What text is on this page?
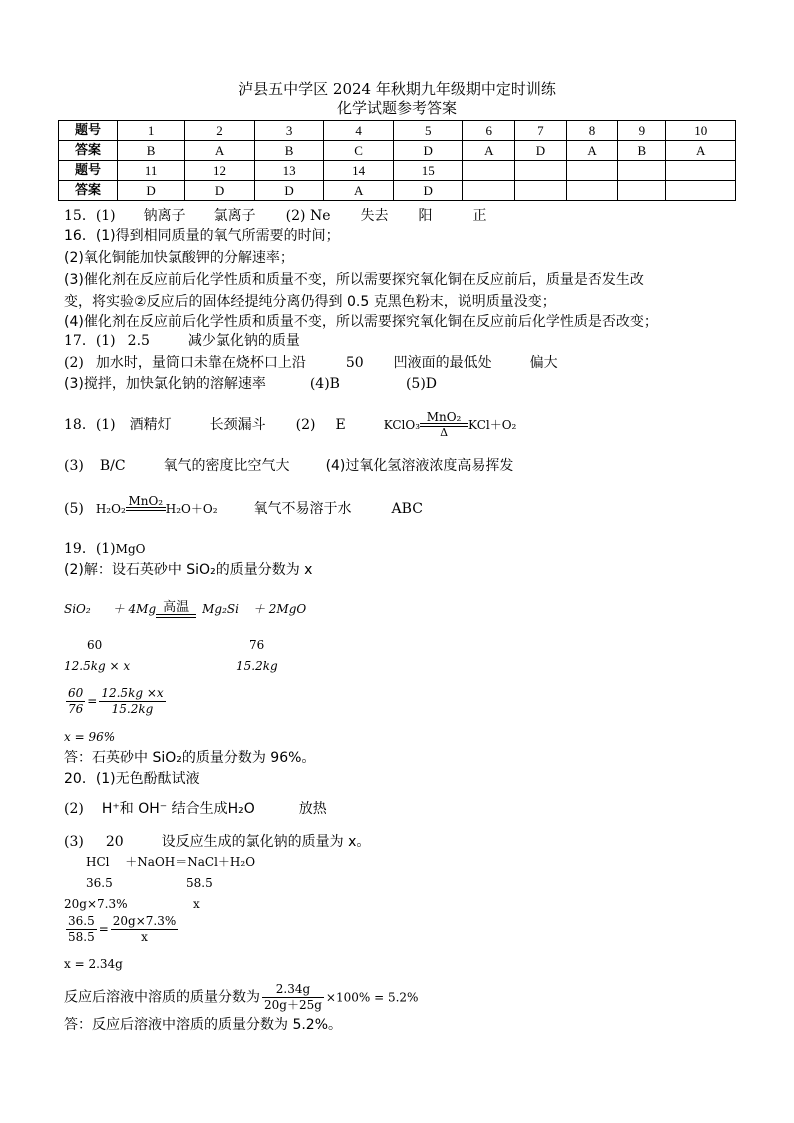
泸县五中学区 2024 年秋期九年级期中定时训练
化学试题参考答案
题号	1	2	3	4	5	6	7	8	9	10
答案	B	A	B	C	D	A	D	A	B	A
题号	11	12	13	14	15					
答案	D	D	D	A	D					
15．(1) 钠离子 氯离子 (2) Ne 失去 阳	正
16．(1)得到相同质量的氧气所需要的时间；
(2)氧化铜能加快氯酸钾的分解速率；
(3)催化剂在反应前后化学性质和质量不变，所以需要探究氧化铜在反应前后，质量是否发生改
变，将实验②反应后的固体经提纯分离仍得到 0.5 克黑色粉末，说明质量没变；
(4)催化剂在反应前后化学性质和质量不变，所以需要探究氧化铜在反应前后化学性质是否改变；
17．(1) 2.5	减少氯化钠的质量
(2) 加水时，量筒口未靠在烧杯口上沿	50 凹液面的最低处	偏大
(3)搅拌，加快氯化钠的溶解速率	(4)B	(5)D
18．(1) 酒精灯	长颈漏斗 (2) E	KClO₃
MnO₂
Δ
KCl＋O₂
(3) B/C	氧气的密度比空气大	(4)过氧化氢溶液浓度高易挥发
(5) H₂O₂
MnO₂

H₂O＋O₂	氧气不易溶于水	ABC
19．(1)MgO
(2)解：设石英砂中 SiO₂的质量分数为 x
SiO₂ ＋ 4Mg 高温	Mg₂Si ＋ 2MgO
60	76
12.5kg × x	15.2kg
$\frac{60}{76} = \frac{12.5kg \times x}{15.2kg}$
x = 96%
答：石英砂中 SiO₂的质量分数为 96%。
20．(1)无色酚酞试液
(2) H⁺和 OH⁻ 结合生成H₂O	放热
(3) 20	设反应生成的氯化钠的质量为 x。
HCl　 ＋NaOH＝NaCl＋H₂O
36.5	58.5
20g×7.3%	x
$\frac{36.5}{58.5} = \frac{20g\times 7.3\%}{x}$
x = 2.34g
反应后溶液中溶质的质量分数为 $\frac{2.34g}{20g+25g} \times 100\% = 5.2\%$
答：反应后溶液中溶质的质量分数为 5.2%。
